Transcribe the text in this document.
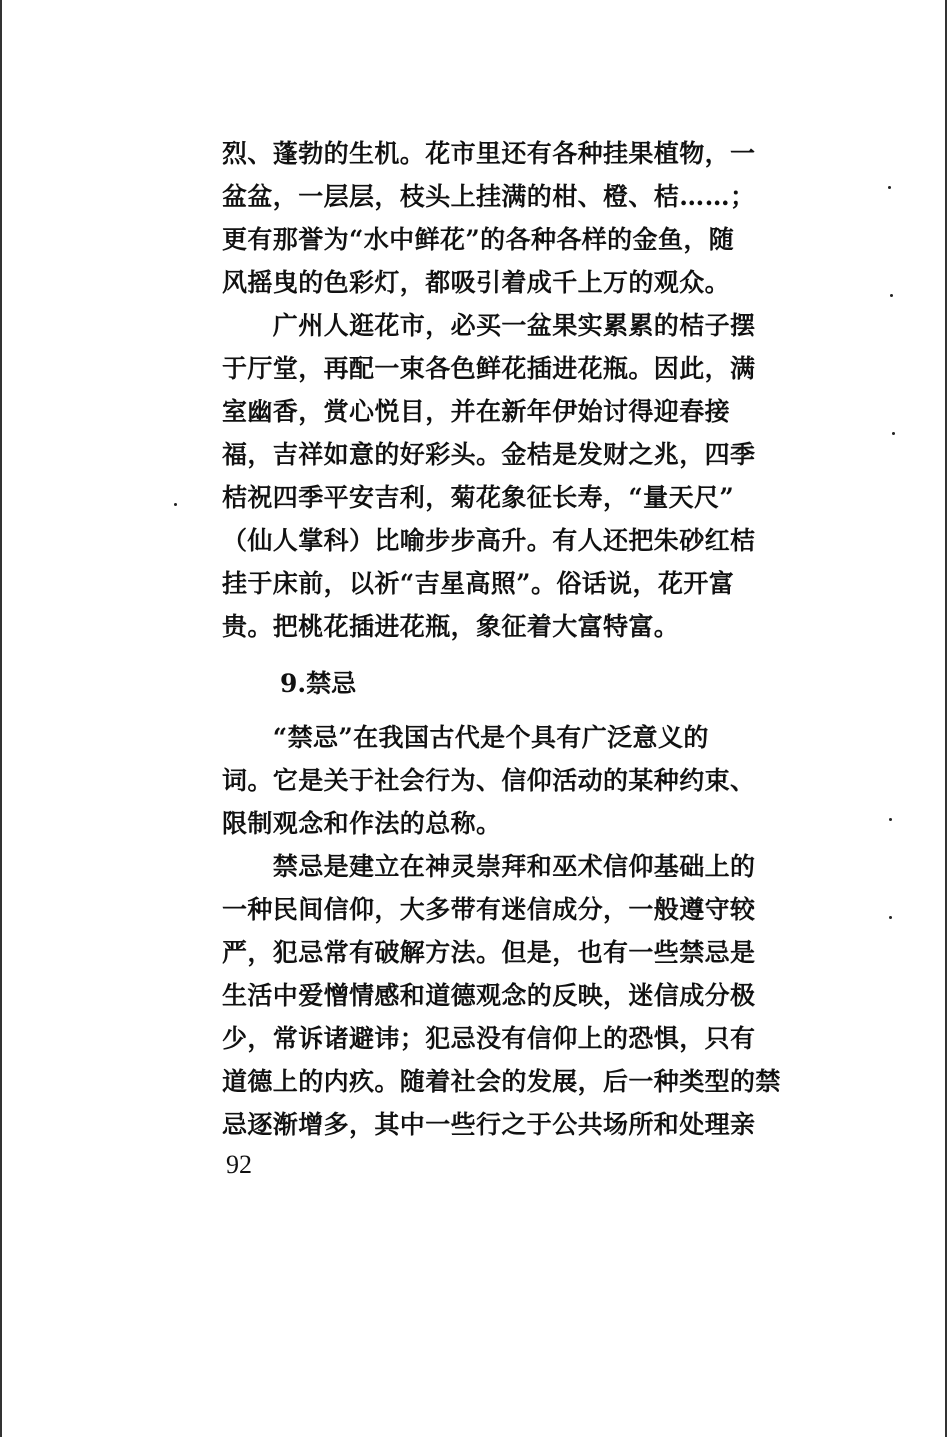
烈、蓬勃的生机。花市里还有各种挂果植物，一
盆盆，一层层，枝头上挂满的柑、橙、桔……；
更有那誉为“水中鲜花”的各种各样的金鱼，随
风摇曳的色彩灯，都吸引着成千上万的观众。
　　广州人逛花市，必买一盆果实累累的桔子摆
于厅堂，再配一束各色鲜花插进花瓶。因此，满
室幽香，赏心悦目，并在新年伊始讨得迎春接
福，吉祥如意的好彩头。金桔是发财之兆，四季
桔祝四季平安吉利，菊花象征长寿，“量天尺”
（仙人掌科）比喻步步高升。有人还把朱砂红桔
挂于床前，以祈“吉星高照”。俗话说，花开富
贵。把桃花插进花瓶，象征着大富特富。
9.禁忌
　　“禁忌”在我国古代是个具有广泛意义的
词。它是关于社会行为、信仰活动的某种约束、
限制观念和作法的总称。
　　禁忌是建立在神灵崇拜和巫术信仰基础上的
一种民间信仰，大多带有迷信成分，一般遵守较
严，犯忌常有破解方法。但是，也有一些禁忌是
生活中爱憎情感和道德观念的反映，迷信成分极
少，常诉诸避讳；犯忌没有信仰上的恐惧，只有
道德上的内疚。随着社会的发展，后一种类型的禁
忌逐渐增多，其中一些行之于公共场所和处理亲
92
